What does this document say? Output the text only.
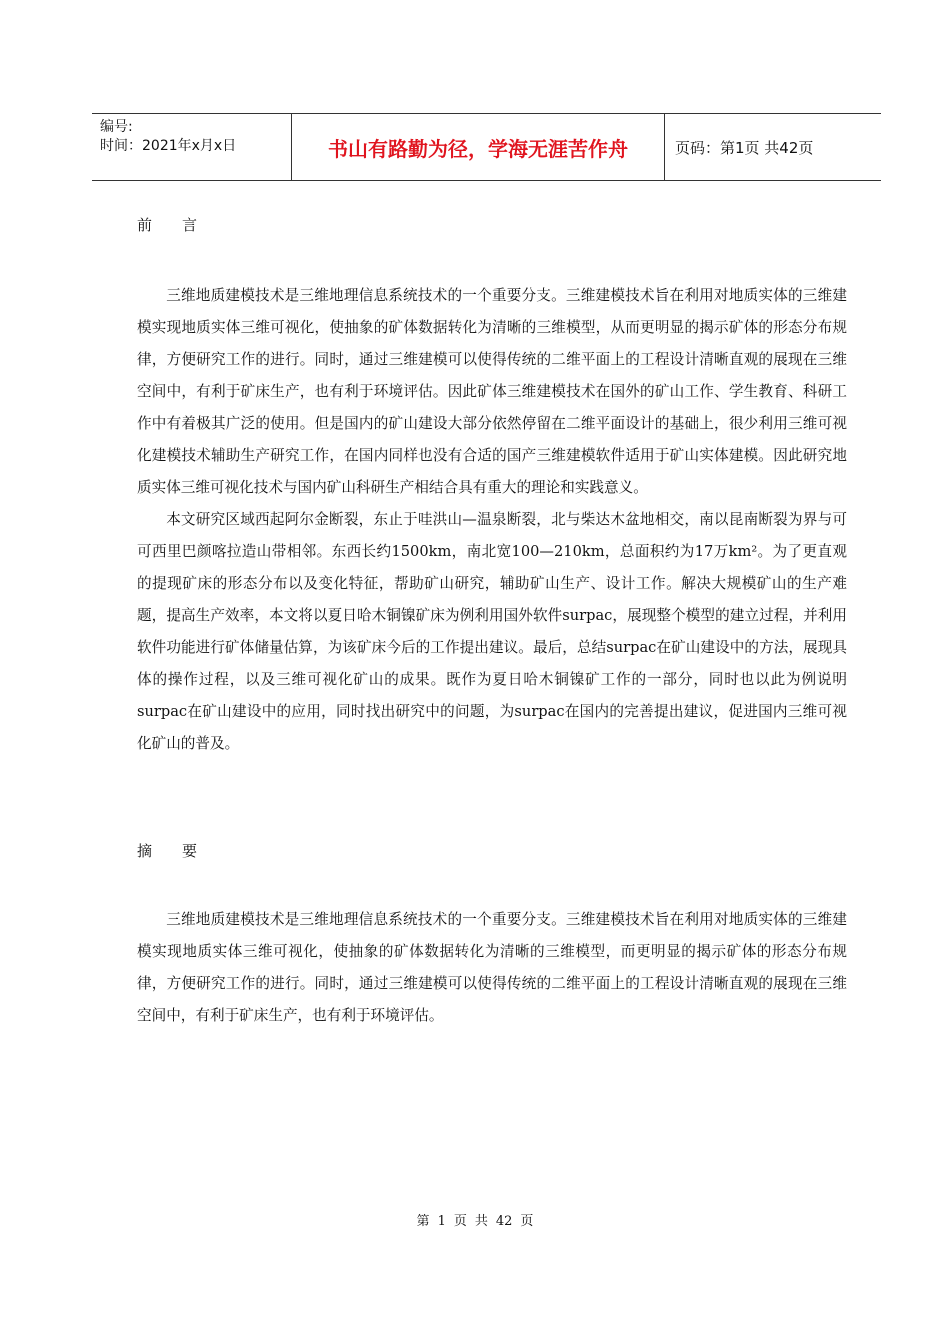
编号:
时间：2021年x月x日	书山有路勤为径，学海无涯苦作舟	页码：第1页 共42页

前 言

三维地质建模技术是三维地理信息系统技术的一个重要分支。三维建模技术旨在利用对地质实体的三维建模实现地质实体三维可视化，使抽象的矿体数据转化为清晰的三维模型，从而更明显的揭示矿体的形态分布规律，方便研究工作的进行。同时，通过三维建模可以使得传统的二维平面上的工程设计清晰直观的展现在三维空间中，有利于矿床生产，也有利于环境评估。因此矿体三维建模技术在国外的矿山工作、学生教育、科研工作中有着极其广泛的使用。但是国内的矿山建设大部分依然停留在二维平面设计的基础上，很少利用三维可视化建模技术辅助生产研究工作，在国内同样也没有合适的国产三维建模软件适用于矿山实体建模。因此研究地质实体三维可视化技术与国内矿山科研生产相结合具有重大的理论和实践意义。

本文研究区域西起阿尔金断裂，东止于哇洪山—温泉断裂，北与柴达木盆地相交，南以昆南断裂为界与可可西里巴颜喀拉造山带相邻。东西长约1500km，南北宽100—210km，总面积约为17万km²。为了更直观的提现矿床的形态分布以及变化特征，帮助矿山研究，辅助矿山生产、设计工作。解决大规模矿山的生产难题，提高生产效率，本文将以夏日哈木铜镍矿床为例利用国外软件surpac，展现整个模型的建立过程，并利用软件功能进行矿体储量估算，为该矿床今后的工作提出建议。最后，总结surpac在矿山建设中的方法，展现具体的操作过程，以及三维可视化矿山的成果。既作为夏日哈木铜镍矿工作的一部分，同时也以此为例说明 surpac在矿山建设中的应用，同时找出研究中的问题，为surpac在国内的完善提出建议，促进国内三维可视化矿山的普及。

摘 要

三维地质建模技术是三维地理信息系统技术的一个重要分支。三维建模技术旨在利用对地质实体的三维建模实现地质实体三维可视化，使抽象的矿体数据转化为清晰的三维模型，而更明显的揭示矿体的形态分布规律，方便研究工作的进行。同时，通过三维建模可以使得传统的二维平面上的工程设计清晰直观的展现在三维空间中，有利于矿床生产，也有利于环境评估。

第 1 页 共 42 页
